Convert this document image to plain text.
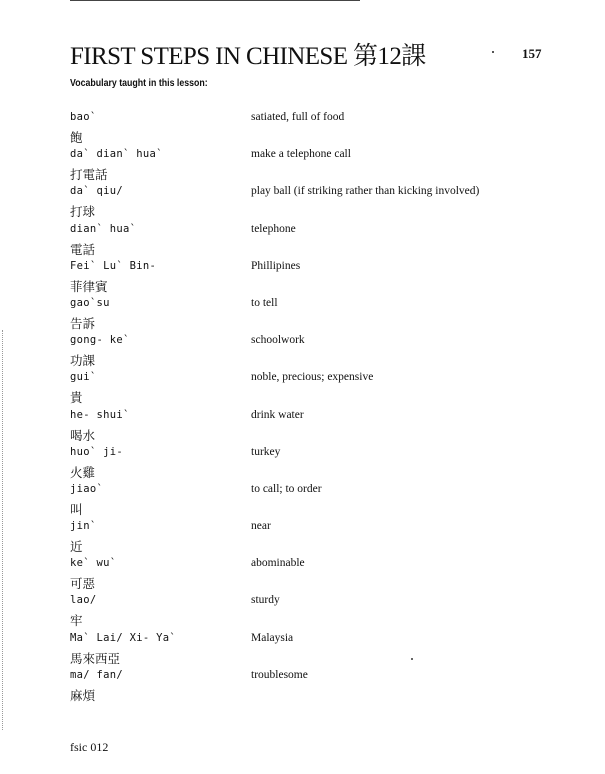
FIRST STEPS IN CHINESE 第12課	157
Vocabulary taught in this lesson:
bao`
飽
satiated, full of food
da` dian` hua`
打電話
make a telephone call
da` qiu/
打球
play ball (if striking rather than kicking involved)
dian` hua`
電話
telephone
Fei` Lu` Bin-
菲律賓
Phillipines
gao`su
告訴
to tell
gong- ke`
功課
schoolwork
gui`
貴
noble, precious; expensive
he- shui`
喝水
drink water
huo` ji-
火雞
turkey
jiao`
叫
to call; to order
jin`
近
near
ke` wu`
可惡
abominable
lao/
牢
sturdy
Ma` Lai/ Xi- Ya`
馬來西亞
Malaysia
ma/ fan/
麻煩
troublesome
fsic 012
